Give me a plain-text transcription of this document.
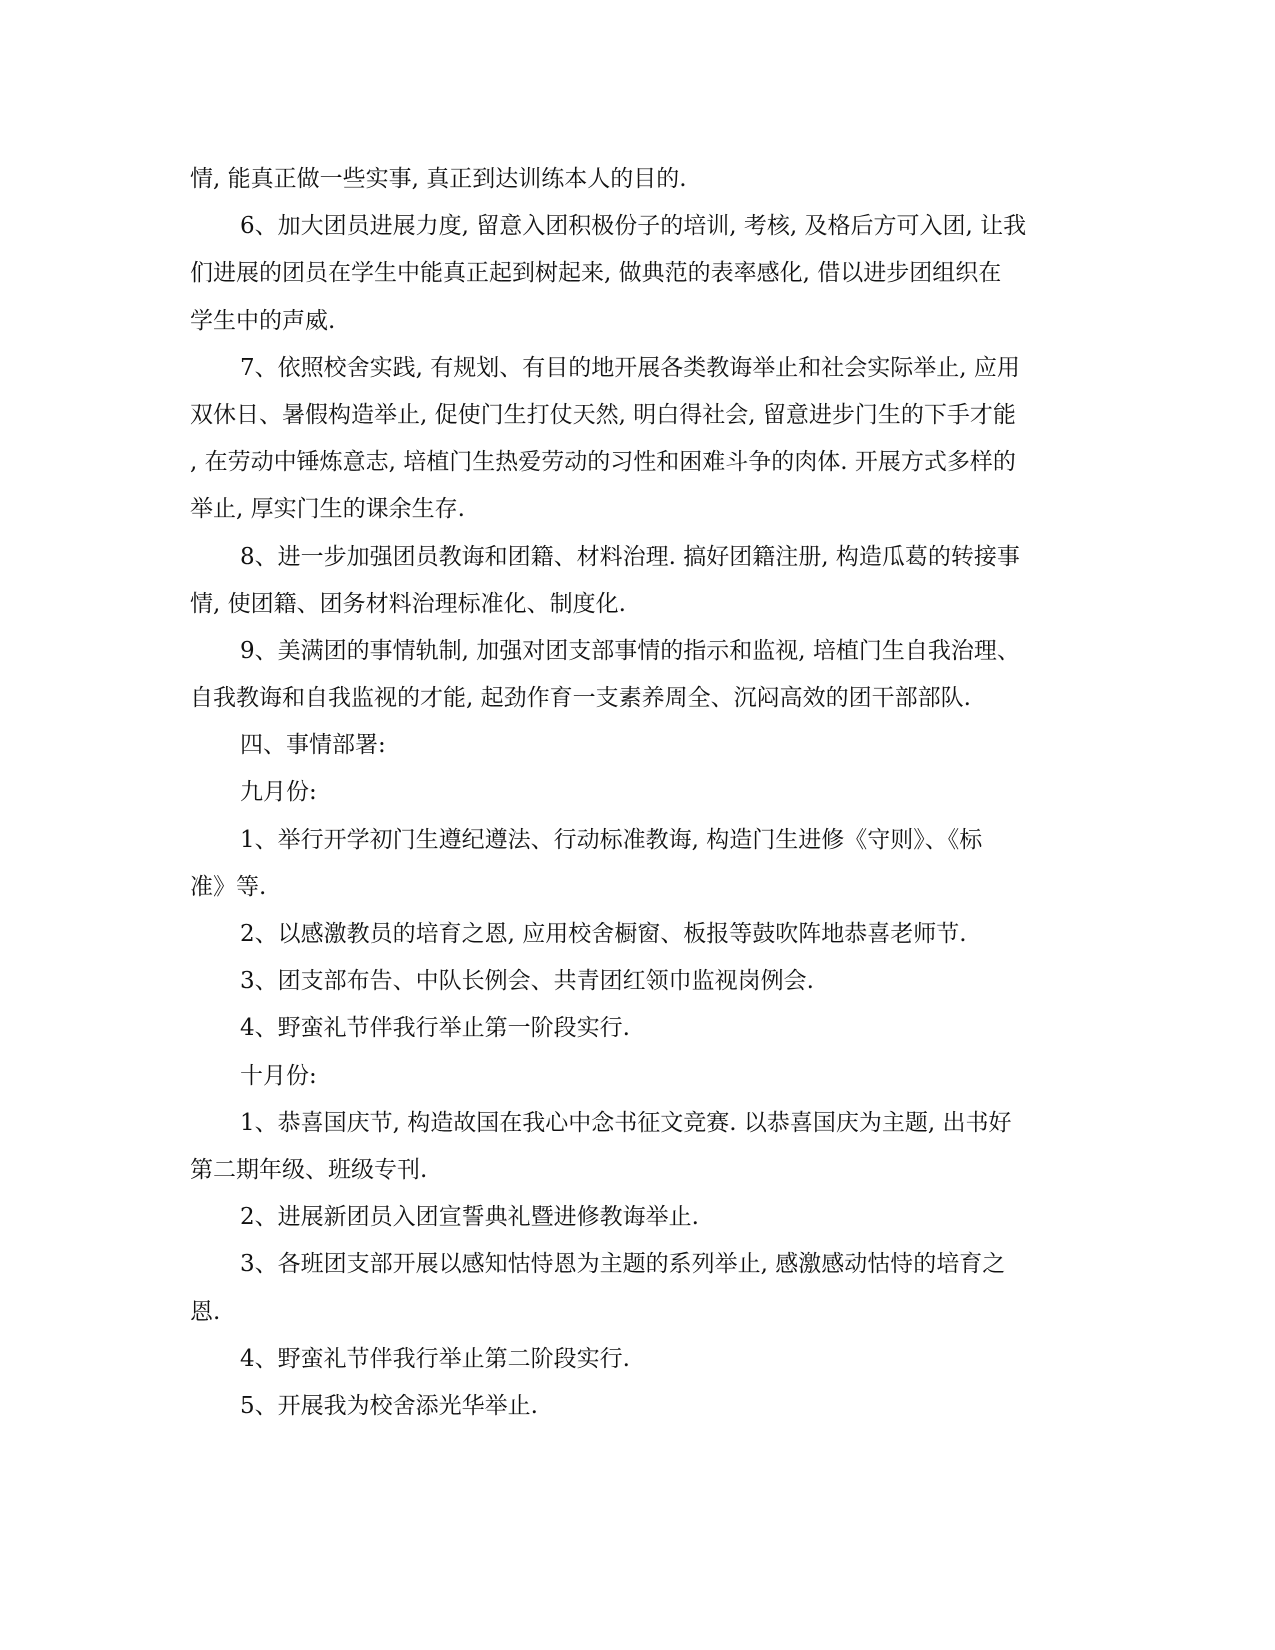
情, 能真正做一些实事, 真正到达训练本人的目的.
6、加大团员进展力度, 留意入团积极份子的培训, 考核, 及格后方可入团, 让我
们进展的团员在学生中能真正起到树起来, 做典范的表率感化, 借以进步团组织在
学生中的声威.
7、依照校舍实践, 有规划、有目的地开展各类教诲举止和社会实际举止, 应用
双休日、暑假构造举止, 促使门生打仗天然, 明白得社会, 留意进步门生的下手才能
, 在劳动中锤炼意志, 培植门生热爱劳动的习性和困难斗争的肉体. 开展方式多样的
举止, 厚实门生的课余生存.
8、进一步加强团员教诲和团籍、材料治理. 搞好团籍注册, 构造瓜葛的转接事
情, 使团籍、团务材料治理标准化、制度化.
9、美满团的事情轨制, 加强对团支部事情的指示和监视, 培植门生自我治理、
自我教诲和自我监视的才能, 起劲作育一支素养周全、沉闷高效的团干部部队.
四、事情部署:
九月份:
1、举行开学初门生遵纪遵法、行动标准教诲, 构造门生进修《守则》、《标
准》等.
2、以感激教员的培育之恩, 应用校舍橱窗、板报等鼓吹阵地恭喜老师节.
3、团支部布告、中队长例会、共青团红领巾监视岗例会.
4、野蛮礼节伴我行举止第一阶段实行.
十月份:
1、恭喜国庆节, 构造故国在我心中念书征文竞赛. 以恭喜国庆为主题, 出书好
第二期年级、班级专刊.
2、进展新团员入团宣誓典礼暨进修教诲举止.
3、各班团支部开展以感知怙恃恩为主题的系列举止, 感激感动怙恃的培育之
恩.
4、野蛮礼节伴我行举止第二阶段实行.
5、开展我为校舍添光华举止.
